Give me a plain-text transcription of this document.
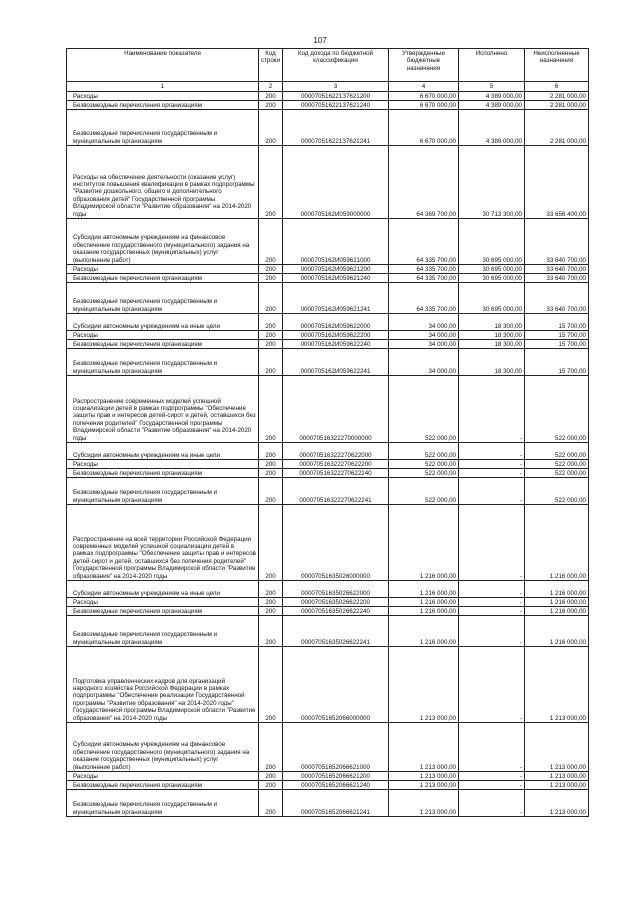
107
Наименование показателя	Код строки	Код дохода по бюджетной классификации	Утвержденные бюджетные назначения	Исполнено	Неисполненные назначения
1	2	3	4	5	6
Расходы	200	000070516221З7621200	6 670 000,00	4 389 000,00	2 281 000,00
Безвозмездные перечисления организациям	200	000070516221З7621240	6 670 000,00	4 389 000,00	2 281 000,00
Безвозмездные перечисления государственным и муниципальным организациям	200	000070516221З7621241	6 670 000,00	4 389 000,00	2 281 000,00
Расходы на обеспечение деятельности (оказание услуг) институтов повышения квалификации в рамках подпрограммы "Развитие дошкольного, общего и дополнительного образования детей" Государственной программы Владимирской области "Развитие образования" на 2014-2020 годы	200	0000705162И059000000	64 369 700,00	30 713 300,00	33 656 400,00
Субсидии автономным учреждениям на финансовое обеспечение государственного (муниципального) задания на оказание государственных (муниципальных) услуг (выполнение работ)	200	0000705162И059621000	64 335 700,00	30 695 000,00	33 640 700,00
Расходы	200	0000705162И059621200	64 335 700,00	30 695 000,00	33 640 700,00
Безвозмездные перечисления организациям	200	0000705162И059621240	64 335 700,00	30 695 000,00	33 640 700,00
Безвозмездные перечисления государственным и муниципальным организациям	200	0000705162И059621241	64 335 700,00	30 695 000,00	33 640 700,00
Субсидии автономным учреждениям на иные цели	200	0000705162И059622000	34 000,00	18 300,00	15 700,00
Расходы	200	0000705162И059622200	34 000,00	18 300,00	15 700,00
Безвозмездные перечисления организациям	200	0000705162И059622240	34 000,00	18 300,00	15 700,00
Безвозмездные перечисления государственным и муниципальным организациям	200	0000705162И059622241	34 000,00	18 300,00	15 700,00
Распространение современных моделей успешной социализации детей в рамках подпрограммы "Обеспечение защиты прав и интересов детей-сирот и детей, оставшихся без попечения родителей" Государственной программы Владимирской области "Развитие образования" на 2014-2020 годы	200	000070516322270000000	522 000,00	-	522 000,00
Субсидии автономным учреждениям на иные цели	200	000070516322270622000	522 000,00	-	522 000,00
Расходы	200	000070516322270622200	522 000,00	-	522 000,00
Безвозмездные перечисления организациям	200	000070516322270622240	522 000,00	-	522 000,00
Безвозмездные перечисления государственным и муниципальным организациям	200	000070516322270622241	522 000,00	-	522 000,00
Распространение на всей территории Российской Федерации современных моделей успешной социализации детей в рамках подпрограммы "Обеспечение защиты прав и интересов детей-сирот и детей, оставшихся без попечения родителей" Государственной программы Владимирской области "Развитие образования" на 2014-2020 годы	200	00007051635026000000	1 216 000,00	-	1 216 000,00
Субсидии автономным учреждениям на иные цели	200	00007051635026622000	1 216 000,00	-	1 216 000,00
Расходы	200	00007051635026622200	1 216 000,00	-	1 216 000,00
Безвозмездные перечисления организациям	200	00007051635026622240	1 216 000,00	-	1 216 000,00
Безвозмездные перечисления государственным и муниципальным организациям	200	00007051635026622241	1 216 000,00	-	1 216 000,00
Подготовка управленческих кадров для организаций народного хозяйства Российской Федерации в рамках подпрограммы "Обеспечение реализации Государственной программы "Развитие образования" на 2014-2020 годы" Государственной программы Владимирской области "Развитие образования" на 2014-2020 годы	200	00007051652066000000	1 213 000,00	-	1 213 000,00
Субсидии автономным учреждениям на финансовое обеспечение государственного (муниципального) задания на оказание государственных (муниципальных) услуг (выполнение работ)	200	00007051652066621000	1 213 000,00	-	1 213 000,00
Расходы	200	00007051652066621200	1 213 000,00	-	1 213 000,00
Безвозмездные перечисления организациям	200	00007051652066621240	1 213 000,00	-	1 213 000,00
Безвозмездные перечисления государственным и муниципальным организациям	200	00007051652066621241	1 213 000,00	-	1 213 000,00
